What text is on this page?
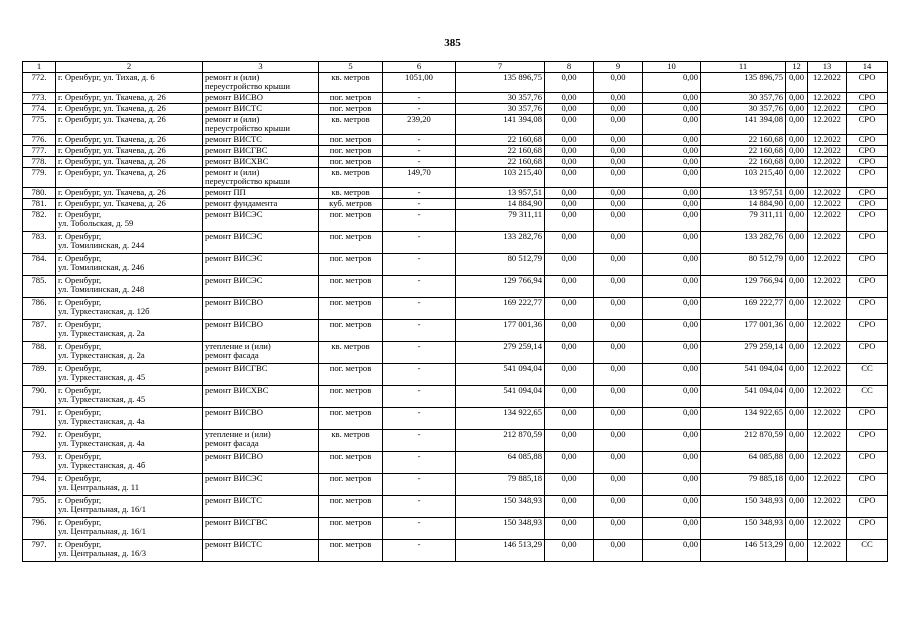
385
1	2	3	5	6	7	8	9	10	11	12	13	14
772.	г. Оренбург, ул. Тихая, д. 6	ремонт и (или)
переустройство крыши	кв. метров	1051,00	135 896,75	0,00	0,00	0,00	135 896,75	0,00	12.2022	СРО
773.	г. Оренбург, ул. Ткачева, д. 26	ремонт ВИСВО	пог. метров	-	30 357,76	0,00	0,00	0,00	30 357,76	0,00	12.2022	СРО
774.	г. Оренбург, ул. Ткачева, д. 26	ремонт ВИСТС	пог. метров	-	30 357,76	0,00	0,00	0,00	30 357,76	0,00	12.2022	СРО
775.	г. Оренбург, ул. Ткачева, д. 26	ремонт и (или)
переустройство крыши	кв. метров	239,20	141 394,08	0,00	0,00	0,00	141 394,08	0,00	12.2022	СРО
776.	г. Оренбург, ул. Ткачева, д. 26	ремонт ВИСТС	пог. метров	-	22 160,68	0,00	0,00	0,00	22 160,68	0,00	12.2022	СРО
777.	г. Оренбург, ул. Ткачева, д. 26	ремонт ВИСГВС	пог. метров	-	22 160,68	0,00	0,00	0,00	22 160,68	0,00	12.2022	СРО
778.	г. Оренбург, ул. Ткачева, д. 26	ремонт ВИСХВС	пог. метров	-	22 160,68	0,00	0,00	0,00	22 160,68	0,00	12.2022	СРО
779.	г. Оренбург, ул. Ткачева, д. 26	ремонт и (или)
переустройство крыши	кв. метров	149,70	103 215,40	0,00	0,00	0,00	103 215,40	0,00	12.2022	СРО
780.	г. Оренбург, ул. Ткачева, д. 26	ремонт ПП	кв. метров	-	13 957,51	0,00	0,00	0,00	13 957,51	0,00	12.2022	СРО
781.	г. Оренбург, ул. Ткачева, д. 26	ремонт фундамента	куб. метров	-	14 884,90	0,00	0,00	0,00	14 884,90	0,00	12.2022	СРО
782.	г. Оренбург,
ул. Тобольская, д. 59	ремонт ВИСЭС	пог. метров	-	79 311,11	0,00	0,00	0,00	79 311,11	0,00	12.2022	СРО
783.	г. Оренбург,
ул. Томилинская, д. 244	ремонт ВИСЭС	пог. метров	-	133 282,76	0,00	0,00	0,00	133 282,76	0,00	12.2022	СРО
784.	г. Оренбург,
ул. Томилинская, д. 246	ремонт ВИСЭС	пог. метров	-	80 512,79	0,00	0,00	0,00	80 512,79	0,00	12.2022	СРО
785.	г. Оренбург,
ул. Томилинская, д. 248	ремонт ВИСЭС	пог. метров	-	129 766,94	0,00	0,00	0,00	129 766,94	0,00	12.2022	СРО
786.	г. Оренбург,
ул. Туркестанская, д. 12б	ремонт ВИСВО	пог. метров	-	169 222,77	0,00	0,00	0,00	169 222,77	0,00	12.2022	СРО
787.	г. Оренбург,
ул. Туркестанская, д. 2а	ремонт ВИСВО	пог. метров	-	177 001,36	0,00	0,00	0,00	177 001,36	0,00	12.2022	СРО
788.	г. Оренбург,
ул. Туркестанская, д. 2а	утепление и (или)
ремонт фасада	кв. метров	-	279 259,14	0,00	0,00	0,00	279 259,14	0,00	12.2022	СРО
789.	г. Оренбург,
ул. Туркестанская, д. 45	ремонт ВИСГВС	пог. метров	-	541 094,04	0,00	0,00	0,00	541 094,04	0,00	12.2022	СС
790.	г. Оренбург,
ул. Туркестанская, д. 45	ремонт ВИСХВС	пог. метров	-	541 094,04	0,00	0,00	0,00	541 094,04	0,00	12.2022	СС
791.	г. Оренбург,
ул. Туркестанская, д. 4а	ремонт ВИСВО	пог. метров	-	134 922,65	0,00	0,00	0,00	134 922,65	0,00	12.2022	СРО
792.	г. Оренбург,
ул. Туркестанская, д. 4а	утепление и (или)
ремонт фасада	кв. метров	-	212 870,59	0,00	0,00	0,00	212 870,59	0,00	12.2022	СРО
793.	г. Оренбург,
ул. Туркестанская, д. 4б	ремонт ВИСВО	пог. метров	-	64 085,88	0,00	0,00	0,00	64 085,88	0,00	12.2022	СРО
794.	г. Оренбург,
ул. Центральная, д. 11	ремонт ВИСЭС	пог. метров	-	79 885,18	0,00	0,00	0,00	79 885,18	0,00	12.2022	СРО
795.	г. Оренбург,
ул. Центральная, д. 16/1	ремонт ВИСТС	пог. метров	-	150 348,93	0,00	0,00	0,00	150 348,93	0,00	12.2022	СРО
796.	г. Оренбург,
ул. Центральная, д. 16/1	ремонт ВИСГВС	пог. метров	-	150 348,93	0,00	0,00	0,00	150 348,93	0,00	12.2022	СРО
797.	г. Оренбург,
ул. Центральная, д. 16/3	ремонт ВИСТС	пог. метров	-	146 513,29	0,00	0,00	0,00	146 513,29	0,00	12.2022	СС
